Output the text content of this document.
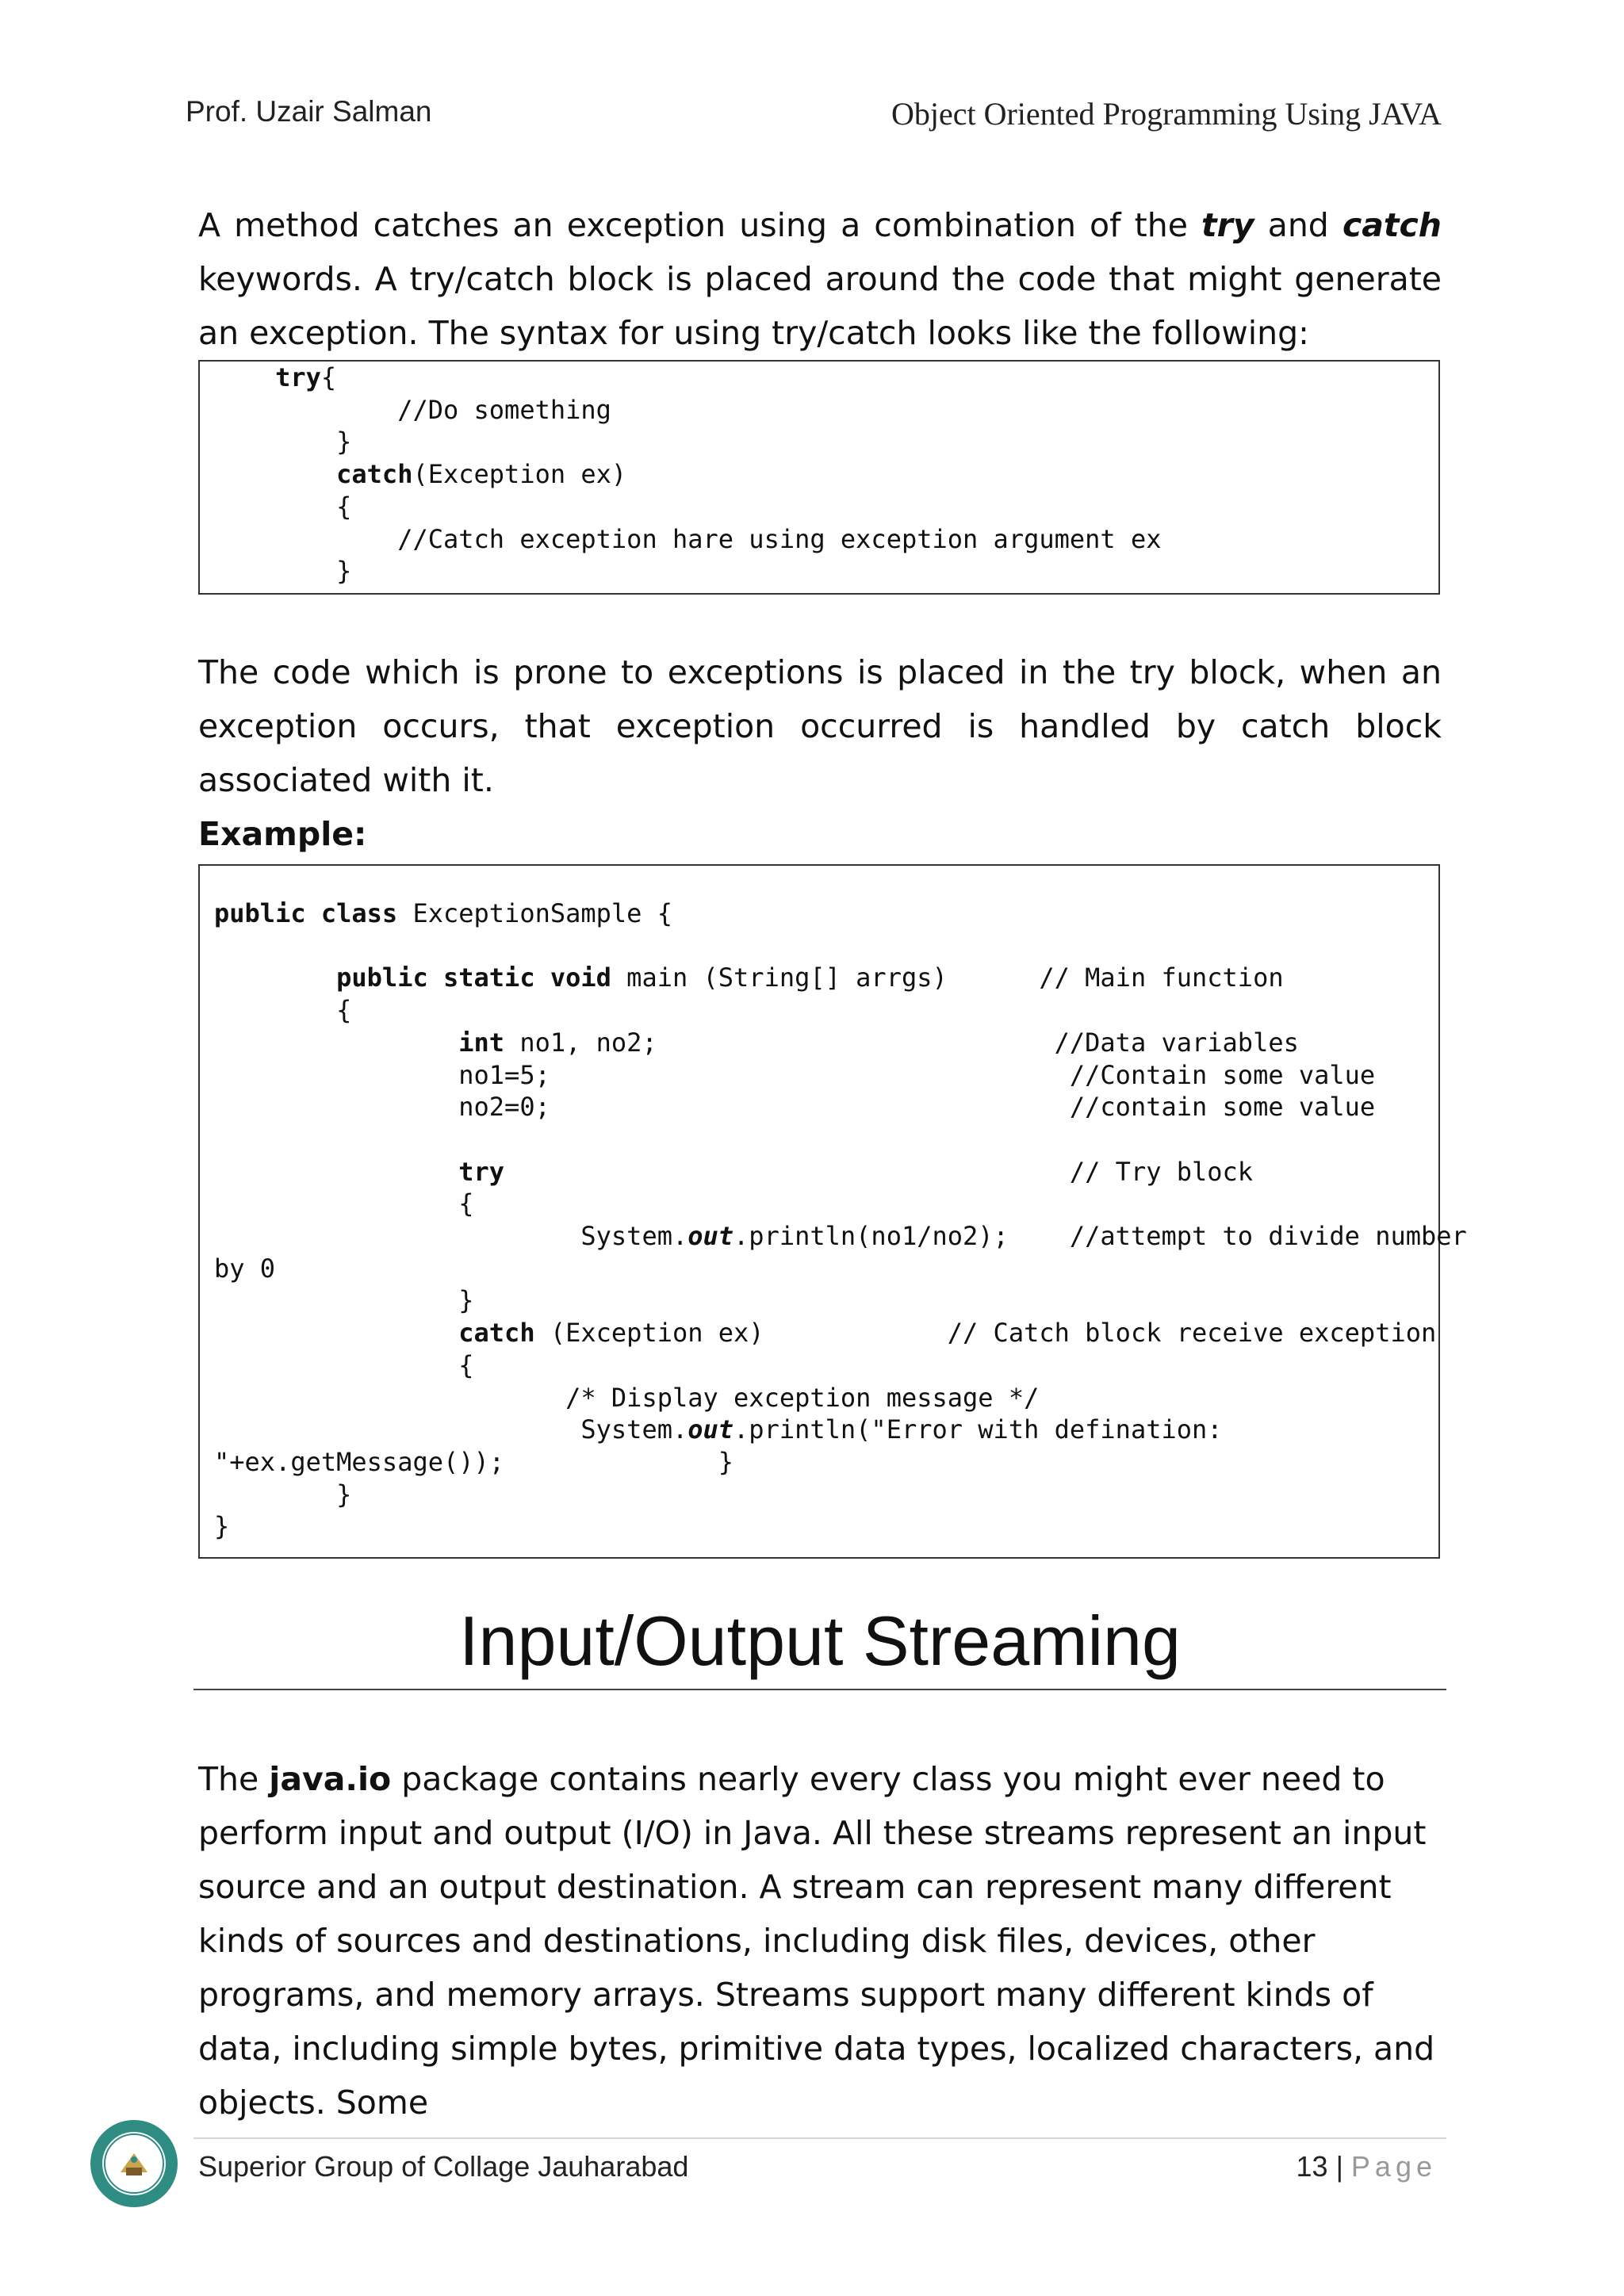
Prof. Uzair Salman	Object Oriented Programming Using JAVA

A method catches an exception using a combination of the try and catch keywords. A try/catch block is placed around the code that might generate an exception. The syntax for using try/catch looks like the following:

try{
//Do something
}
catch(Exception ex)
{
//Catch exception hare using exception argument ex
}

The code which is prone to exceptions is placed in the try block, when an exception occurs, that exception occurred is handled by catch block associated with it.

Example:

public class ExceptionSample {

public static void main (String[] arrgs)      // Main function
{
int no1, no2;                          //Data variables
no1=5;                                  //Contain some value
no2=0;                                  //contain some value

try                                     // Try block
{
System.out.println(no1/no2);    //attempt to divide number
by 0
}
catch (Exception ex)            // Catch block receive exception
{
/* Display exception message */
System.out.println("Error with defination:
"+ex.getMessage());              }
}
}
Input/Output Streaming

The java.io package contains nearly every class you might ever need to perform input and output (I/O) in Java. All these streams represent an input source and an output destination. A stream can represent many different kinds of sources and destinations, including disk files, devices, other programs, and memory arrays. Streams support many different kinds of data, including simple bytes, primitive data types, localized characters, and objects. Some

Superior Group of Collage Jauharabad	13 | Page
